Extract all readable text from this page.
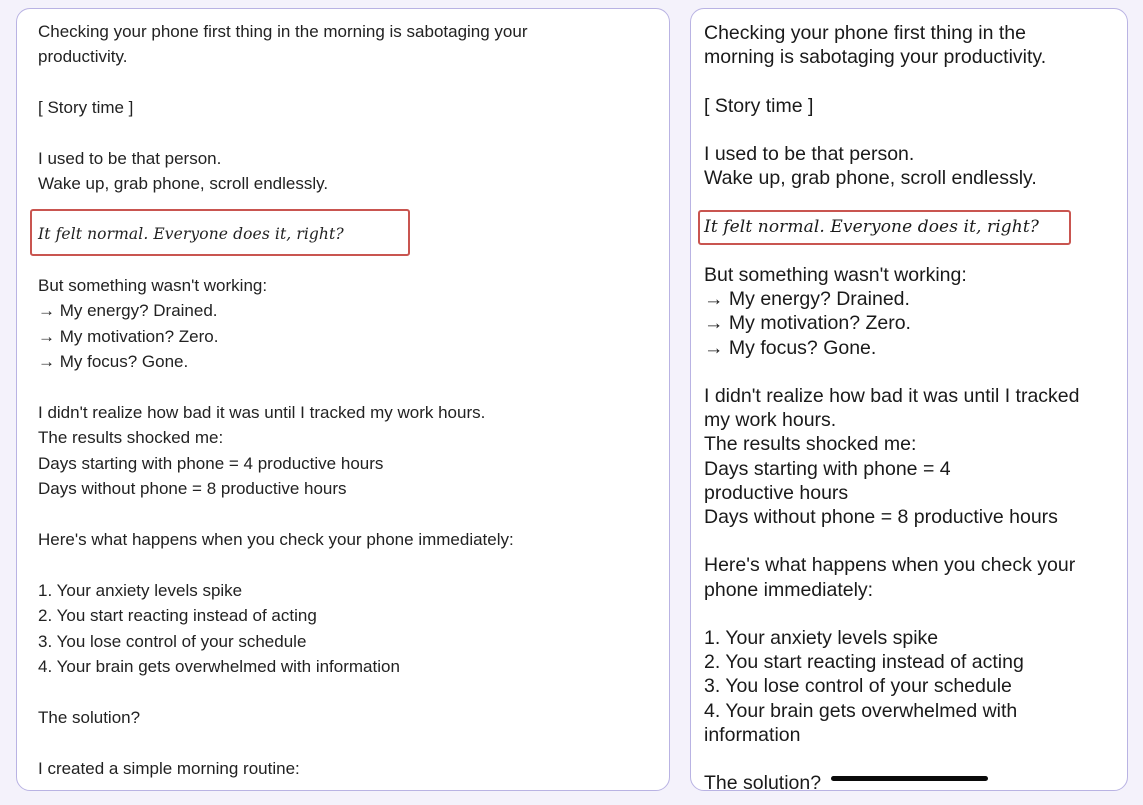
Checking your phone first thing in the morning is sabotaging your
productivity.
[ Story time ]
I used to be that person.
Wake up, grab phone, scroll endlessly.
It felt normal. Everyone does it, right?
But something wasn't working:
→ My energy? Drained.
→ My motivation? Zero.
→ My focus? Gone.
I didn't realize how bad it was until I tracked my work hours.
The results shocked me:
Days starting with phone = 4 productive hours
Days without phone = 8 productive hours
Here's what happens when you check your phone immediately:
1. Your anxiety levels spike
2. You start reacting instead of acting
3. You lose control of your schedule
4. Your brain gets overwhelmed with information
The solution?
I created a simple morning routine:
Checking your phone first thing in the
morning is sabotaging your productivity.
[ Story time ]
I used to be that person.
Wake up, grab phone, scroll endlessly.
It felt normal. Everyone does it, right?
But something wasn't working:
→ My energy? Drained.
→ My motivation? Zero.
→ My focus? Gone.
I didn't realize how bad it was until I tracked
my work hours.
The results shocked me:
Days starting with phone = 4
productive hours
Days without phone = 8 productive hours
Here's what happens when you check your
phone immediately:
1. Your anxiety levels spike
2. You start reacting instead of acting
3. You lose control of your schedule
4. Your brain gets overwhelmed with
information
The solution?
